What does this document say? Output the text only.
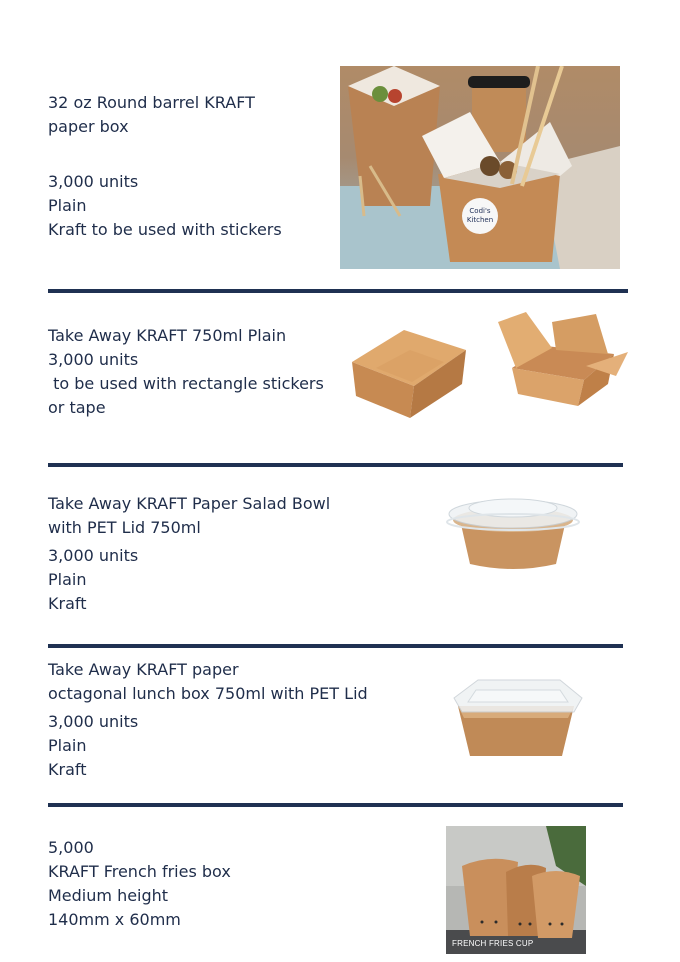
32 oz Round barrel KRAFT
paper box
3,000 units
Plain
Kraft to be used with stickers
Codi's
Kitchen
Take Away KRAFT 750ml Plain
3,000 units
to be used with rectangle stickers
or tape
Take Away KRAFT Paper Salad Bowl
with PET Lid 750ml
3,000 units
Plain
Kraft
Take Away KRAFT paper
octagonal lunch box 750ml with PET Lid
3,000 units
Plain
Kraft
5,000
KRAFT French fries box
Medium height
140mm x 60mm
FRENCH FRIES CUP
